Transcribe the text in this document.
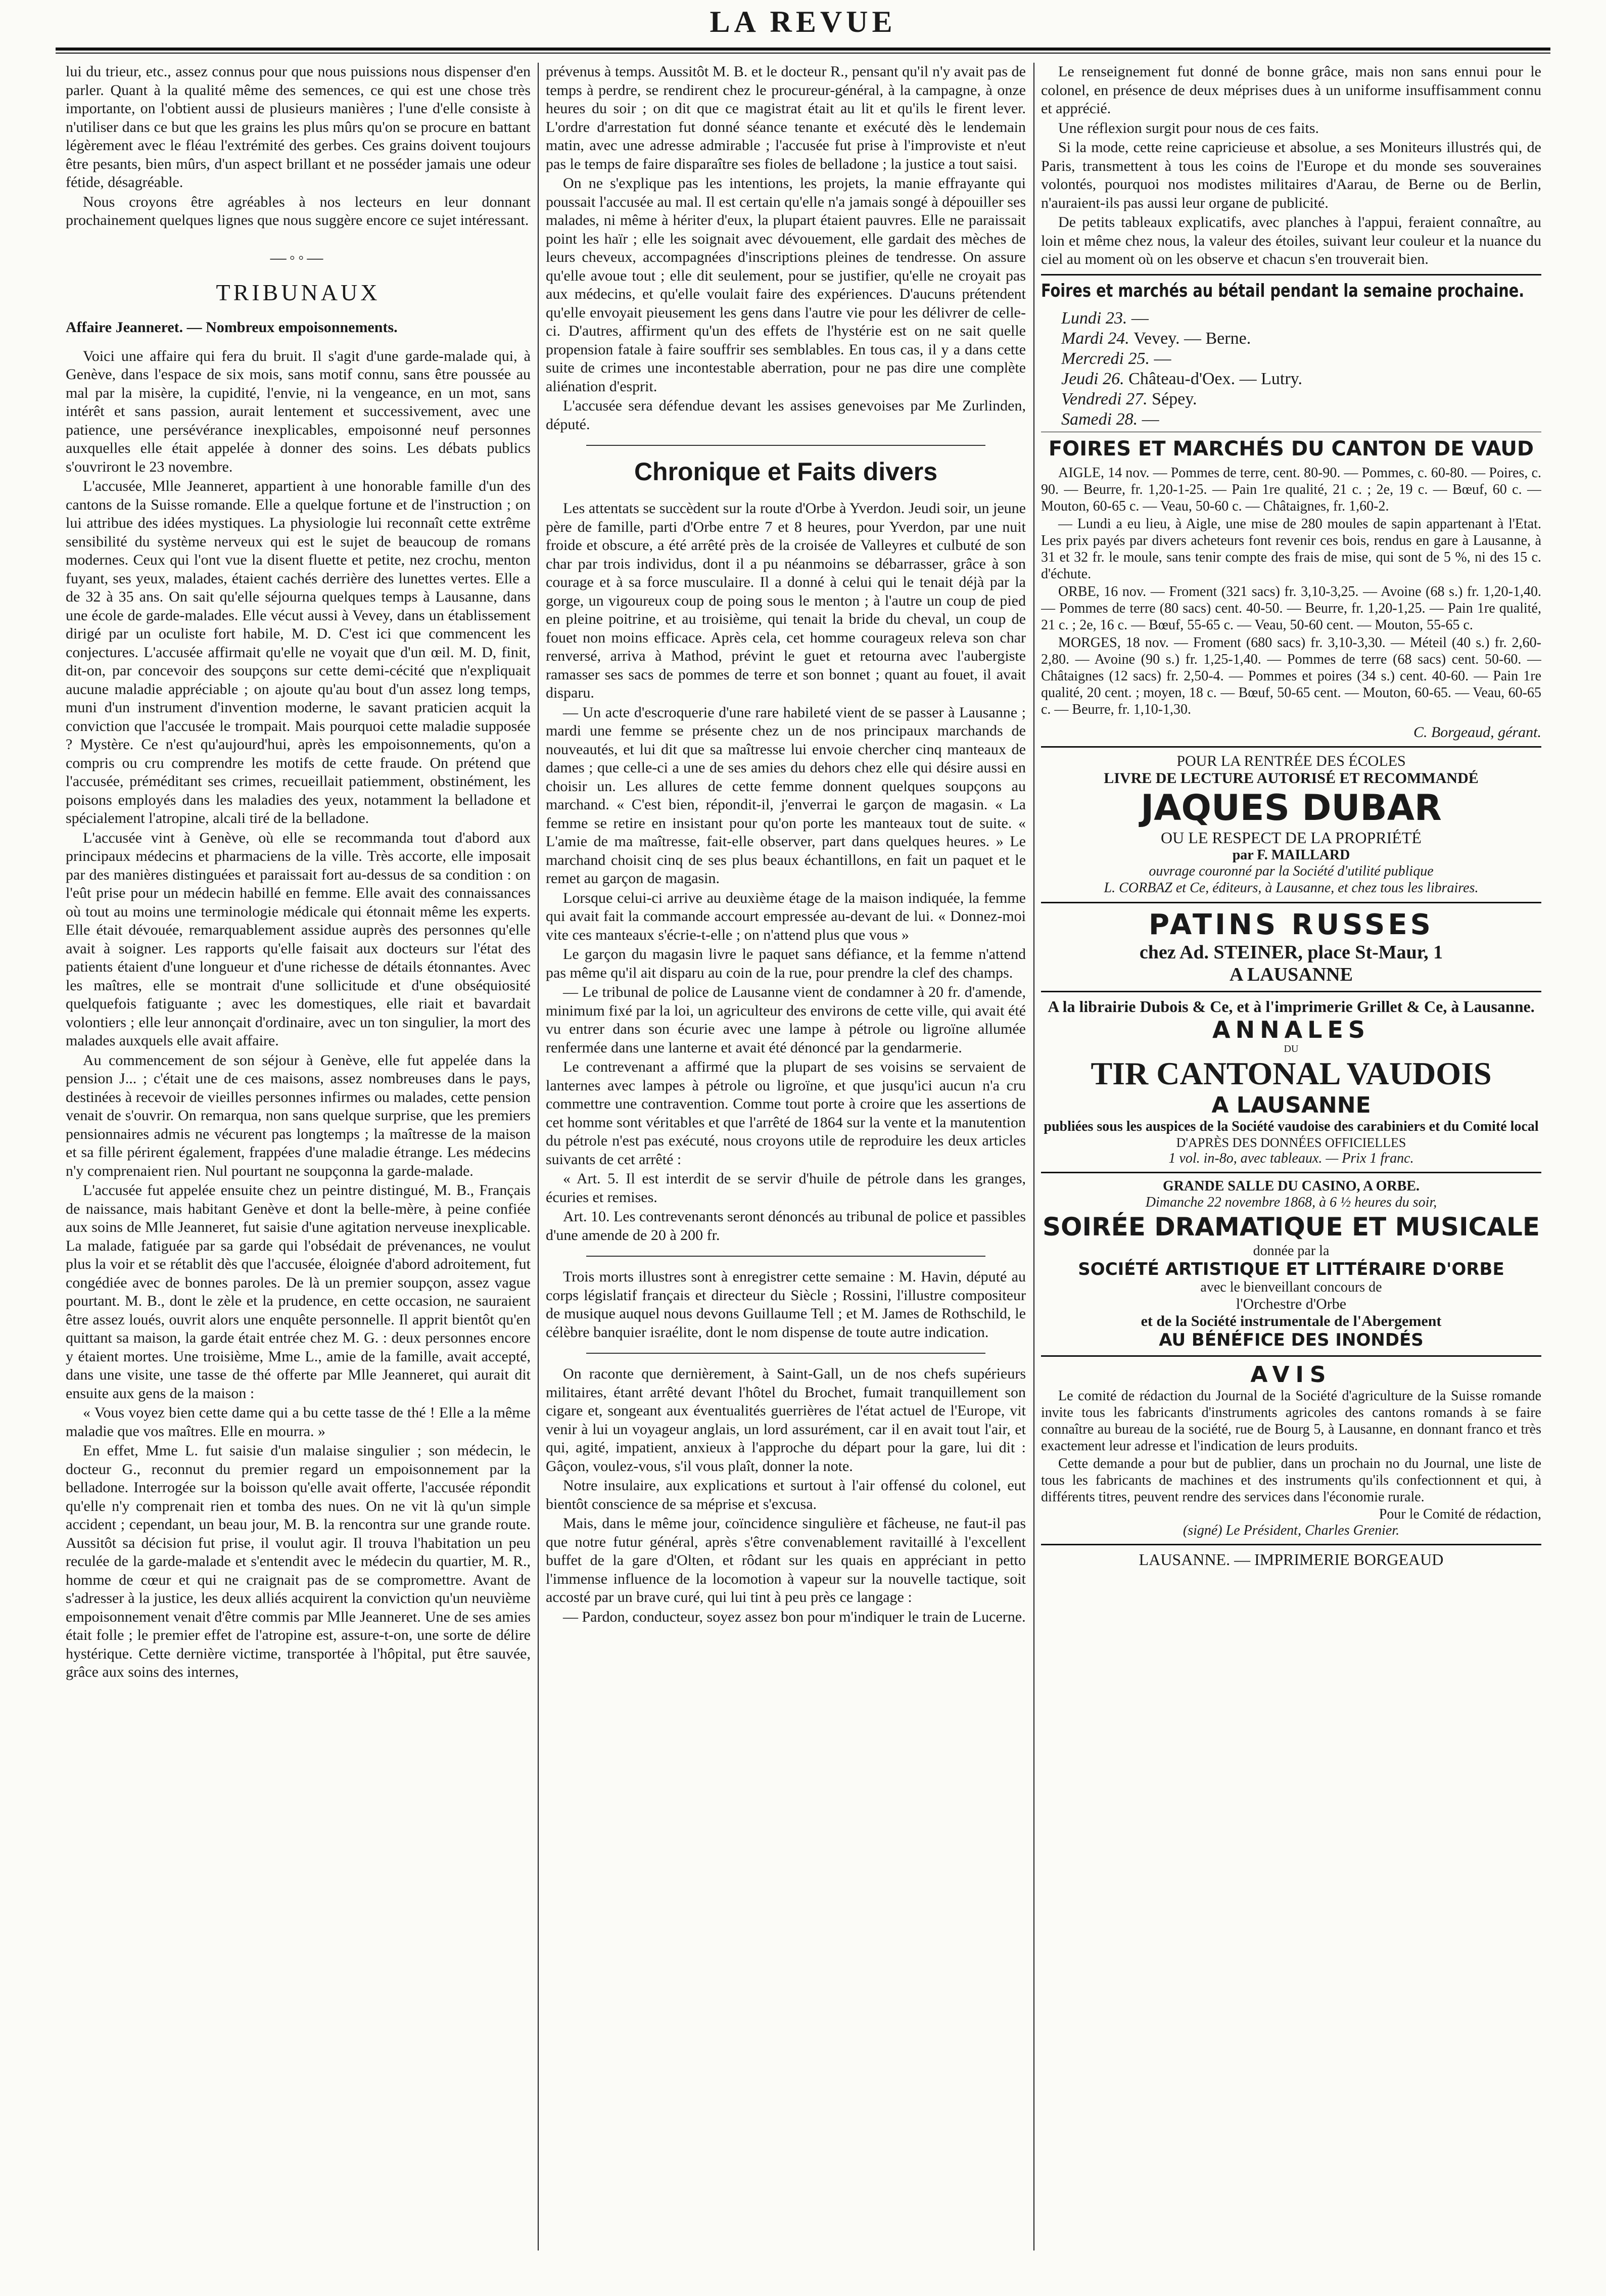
LA REVUE

lui du trieur, etc., assez connus pour que nous puissions nous dispenser d'en parler. Quant à la qualité même des semences, ce qui est une chose très importante, on l'obtient aussi de plusieurs manières ; l'une d'elle consiste à n'utiliser dans ce but que les grains les plus mûrs qu'on se procure en battant légèrement avec le fléau l'extrémité des gerbes. Ces grains doivent toujours être pesants, bien mûrs, d'un aspect brillant et ne posséder jamais une odeur fétide, désagréable.

Nous croyons être agréables à nos lecteurs en leur donnant prochainement quelques lignes que nous suggère encore ce sujet intéressant.

—◦◦—
TRIBUNAUX
Affaire Jeanneret. — Nombreux empoisonnements.

Voici une affaire qui fera du bruit. Il s'agit d'une garde-malade qui, à Genève, dans l'espace de six mois, sans motif connu, sans être poussée au mal par la misère, la cupidité, l'envie, ni la vengeance, en un mot, sans intérêt et sans passion, aurait lentement et successivement, avec une patience, une persévérance inexplicables, empoisonné neuf personnes auxquelles elle était appelée à donner des soins. Les débats publics s'ouvriront le 23 novembre.

L'accusée, Mlle Jeanneret, appartient à une honorable famille d'un des cantons de la Suisse romande. Elle a quelque fortune et de l'instruction ; on lui attribue des idées mystiques. La physiologie lui reconnaît cette extrême sensibilité du système nerveux qui est le sujet de beaucoup de romans modernes. Ceux qui l'ont vue la disent fluette et petite, nez crochu, menton fuyant, ses yeux, malades, étaient cachés derrière des lunettes vertes. Elle a de 32 à 35 ans. On sait qu'elle séjourna quelques temps à Lausanne, dans une école de garde-malades. Elle vécut aussi à Vevey, dans un établissement dirigé par un oculiste fort habile, M. D. C'est ici que commencent les conjectures. L'accusée affirmait qu'elle ne voyait que d'un œil. M. D, finit, dit-on, par concevoir des soupçons sur cette demi-cécité que n'expliquait aucune maladie appréciable ; on ajoute qu'au bout d'un assez long temps, muni d'un instrument d'invention moderne, le savant praticien acquit la conviction que l'accusée le trompait. Mais pourquoi cette maladie supposée ? Mystère. Ce n'est qu'aujourd'hui, après les empoisonnements, qu'on a compris ou cru comprendre les motifs de cette fraude. On prétend que l'accusée, préméditant ses crimes, recueillait patiemment, obstinément, les poisons employés dans les maladies des yeux, notamment la belladone et spécialement l'atropine, alcali tiré de la belladone.

L'accusée vint à Genève, où elle se recommanda tout d'abord aux principaux médecins et pharmaciens de la ville. Très accorte, elle imposait par des manières distinguées et paraissait fort au-dessus de sa condition : on l'eût prise pour un médecin habillé en femme. Elle avait des connaissances où tout au moins une terminologie médicale qui étonnait même les experts. Elle était dévouée, remarquablement assidue auprès des personnes qu'elle avait à soigner. Les rapports qu'elle faisait aux docteurs sur l'état des patients étaient d'une longueur et d'une richesse de détails étonnantes. Avec les maîtres, elle se montrait d'une sollicitude et d'une obséquiosité quelquefois fatiguante ; avec les domestiques, elle riait et bavardait volontiers ; elle leur annonçait d'ordinaire, avec un ton singulier, la mort des malades auxquels elle avait affaire.

Au commencement de son séjour à Genève, elle fut appelée dans la pension J... ; c'était une de ces maisons, assez nombreuses dans le pays, destinées à recevoir de vieilles personnes infirmes ou malades, cette pension venait de s'ouvrir. On remarqua, non sans quelque surprise, que les premiers pensionnaires admis ne vécurent pas longtemps ; la maîtresse de la maison et sa fille périrent également, frappées d'une maladie étrange. Les médecins n'y comprenaient rien. Nul pourtant ne soupçonna la garde-malade.

L'accusée fut appelée ensuite chez un peintre distingué, M. B., Français de naissance, mais habitant Genève et dont la belle-mère, à peine confiée aux soins de Mlle Jeanneret, fut saisie d'une agitation nerveuse inexplicable. La malade, fatiguée par sa garde qui l'obsédait de prévenances, ne voulut plus la voir et se rétablit dès que l'accusée, éloignée d'abord adroitement, fut congédiée avec de bonnes paroles. De là un premier soupçon, assez vague pourtant. M. B., dont le zèle et la prudence, en cette occasion, ne sauraient être assez loués, ouvrit alors une enquête personnelle. Il apprit bientôt qu'en quittant sa maison, la garde était entrée chez M. G. : deux personnes encore y étaient mortes. Une troisième, Mme L., amie de la famille, avait accepté, dans une visite, une tasse de thé offerte par Mlle Jeanneret, qui aurait dit ensuite aux gens de la maison :

« Vous voyez bien cette dame qui a bu cette tasse de thé ! Elle a la même maladie que vos maîtres. Elle en mourra. »

En effet, Mme L. fut saisie d'un malaise singulier ; son médecin, le docteur G., reconnut du premier regard un empoisonnement par la belladone. Interrogée sur la boisson qu'elle avait offerte, l'accusée répondit qu'elle n'y comprenait rien et tomba des nues. On ne vit là qu'un simple accident ; cependant, un beau jour, M. B. la rencontra sur une grande route. Aussitôt sa décision fut prise, il voulut agir. Il trouva l'habitation un peu reculée de la garde-malade et s'entendit avec le médecin du quartier, M. R., homme de cœur et qui ne craignait pas de se compromettre. Avant de s'adresser à la justice, les deux alliés acquirent la conviction qu'un neuvième empoisonnement venait d'être commis par Mlle Jeanneret. Une de ses amies était folle ; le premier effet de l'atropine est, assure-t-on, une sorte de délire hystérique. Cette dernière victime, transportée à l'hôpital, put être sauvée, grâce aux soins des internes,

prévenus à temps. Aussitôt M. B. et le docteur R., pensant qu'il n'y avait pas de temps à perdre, se rendirent chez le procureur-général, à la campagne, à onze heures du soir ; on dit que ce magistrat était au lit et qu'ils le firent lever. L'ordre d'arrestation fut donné séance tenante et exécuté dès le lendemain matin, avec une adresse admirable ; l'accusée fut prise à l'improviste et n'eut pas le temps de faire disparaître ses fioles de belladone ; la justice a tout saisi.

On ne s'explique pas les intentions, les projets, la manie effrayante qui poussait l'accusée au mal. Il est certain qu'elle n'a jamais songé à dépouiller ses malades, ni même à hériter d'eux, la plupart étaient pauvres. Elle ne paraissait point les haïr ; elle les soignait avec dévouement, elle gardait des mèches de leurs cheveux, accompagnées d'inscriptions pleines de tendresse. On assure qu'elle avoue tout ; elle dit seulement, pour se justifier, qu'elle ne croyait pas aux médecins, et qu'elle voulait faire des expériences. D'aucuns prétendent qu'elle envoyait pieusement les gens dans l'autre vie pour les délivrer de celle-ci. D'autres, affirment qu'un des effets de l'hystérie est on ne sait quelle propension fatale à faire souffrir ses semblables. En tous cas, il y a dans cette suite de crimes une incontestable aberration, pour ne pas dire une complète aliénation d'esprit.

L'accusée sera défendue devant les assises genevoises par Me Zurlinden, député.

Chronique et Faits divers

Les attentats se succèdent sur la route d'Orbe à Yverdon. Jeudi soir, un jeune père de famille, parti d'Orbe entre 7 et 8 heures, pour Yverdon, par une nuit froide et obscure, a été arrêté près de la croisée de Valleyres et culbuté de son char par trois individus, dont il a pu néanmoins se débarrasser, grâce à son courage et à sa force musculaire. Il a donné à celui qui le tenait déjà par la gorge, un vigoureux coup de poing sous le menton ; à l'autre un coup de pied en pleine poitrine, et au troisième, qui tenait la bride du cheval, un coup de fouet non moins efficace. Après cela, cet homme courageux releva son char renversé, arriva à Mathod, prévint le guet et retourna avec l'aubergiste ramasser ses sacs de pommes de terre et son bonnet ; quant au fouet, il avait disparu.

— Un acte d'escroquerie d'une rare habileté vient de se passer à Lausanne ; mardi une femme se présente chez un de nos principaux marchands de nouveautés, et lui dit que sa maîtresse lui envoie chercher cinq manteaux de dames ; que celle-ci a une de ses amies du dehors chez elle qui désire aussi en choisir un. Les allures de cette femme donnent quelques soupçons au marchand. « C'est bien, répondit-il, j'enverrai le garçon de magasin. « La femme se retire en insistant pour qu'on porte les manteaux tout de suite. « L'amie de ma maîtresse, fait-elle observer, part dans quelques heures. » Le marchand choisit cinq de ses plus beaux échantillons, en fait un paquet et le remet au garçon de magasin.

Lorsque celui-ci arrive au deuxième étage de la maison indiquée, la femme qui avait fait la commande accourt empressée au-devant de lui. « Donnez-moi vite ces manteaux s'écrie-t-elle ; on n'attend plus que vous »

Le garçon du magasin livre le paquet sans défiance, et la femme n'attend pas même qu'il ait disparu au coin de la rue, pour prendre la clef des champs.

— Le tribunal de police de Lausanne vient de condamner à 20 fr. d'amende, minimum fixé par la loi, un agriculteur des environs de cette ville, qui avait été vu entrer dans son écurie avec une lampe à pétrole ou ligroïne allumée renfermée dans une lanterne et avait été dénoncé par la gendarmerie.

Le contrevenant a affirmé que la plupart de ses voisins se servaient de lanternes avec lampes à pétrole ou ligroïne, et que jusqu'ici aucun n'a cru commettre une contravention. Comme tout porte à croire que les assertions de cet homme sont véritables et que l'arrêté de 1864 sur la vente et la manutention du pétrole n'est pas exécuté, nous croyons utile de reproduire les deux articles suivants de cet arrêté :

« Art. 5. Il est interdit de se servir d'huile de pétrole dans les granges, écuries et remises.

Art. 10. Les contrevenants seront dénoncés au tribunal de police et passibles d'une amende de 20 à 200 fr.

Trois morts illustres sont à enregistrer cette semaine : M. Havin, député au corps législatif français et directeur du Siècle ; Rossini, l'illustre compositeur de musique auquel nous devons Guillaume Tell ; et M. James de Rothschild, le célèbre banquier israélite, dont le nom dispense de toute autre indication.

On raconte que dernièrement, à Saint-Gall, un de nos chefs supérieurs militaires, étant arrêté devant l'hôtel du Brochet, fumait tranquillement son cigare et, songeant aux éventualités guerrières de l'état actuel de l'Europe, vit venir à lui un voyageur anglais, un lord assurément, car il en avait tout l'air, et qui, agité, impatient, anxieux à l'approche du départ pour la gare, lui dit : Gâçon, voulez-vous, s'il vous plaît, donner la note.

Notre insulaire, aux explications et surtout à l'air offensé du colonel, eut bientôt conscience de sa méprise et s'excusa.

Mais, dans le même jour, coïncidence singulière et fâcheuse, ne faut-il pas que notre futur général, après s'être convenablement ravitaillé à l'excellent buffet de la gare d'Olten, et rôdant sur les quais en appréciant in petto l'immense influence de la locomotion à vapeur sur la nouvelle tactique, soit accosté par un brave curé, qui lui tint à peu près ce langage :

— Pardon, conducteur, soyez assez bon pour m'indiquer le train de Lucerne.

Le renseignement fut donné de bonne grâce, mais non sans ennui pour le colonel, en présence de deux méprises dues à un uniforme insuffisamment connu et apprécié.

Une réflexion surgit pour nous de ces faits.

Si la mode, cette reine capricieuse et absolue, a ses Moniteurs illustrés qui, de Paris, transmettent à tous les coins de l'Europe et du monde ses souveraines volontés, pourquoi nos modistes militaires d'Aarau, de Berne ou de Berlin, n'auraient-ils pas aussi leur organe de publicité.

De petits tableaux explicatifs, avec planches à l'appui, feraient connaître, au loin et même chez nous, la valeur des étoiles, suivant leur couleur et la nuance du ciel au moment où on les observe et chacun s'en trouverait bien.

Foires et marchés au bétail pendant la semaine prochaine.
Lundi 23. —
Mardi 24. Vevey. — Berne.
Mercredi 25. —
Jeudi 26. Château-d'Oex. — Lutry.
Vendredi 27. Sépey.
Samedi 28. —
FOIRES ET MARCHÉS DU CANTON DE VAUD

AIGLE, 14 nov. — Pommes de terre, cent. 80-90. — Pommes, c. 60-80. — Poires, c. 90. — Beurre, fr. 1,20-1-25. — Pain 1re qualité, 21 c. ; 2e, 19 c. — Bœuf, 60 c. — Mouton, 60-65 c. — Veau, 50-60 c. — Châtaignes, fr. 1,60-2.

— Lundi a eu lieu, à Aigle, une mise de 280 moules de sapin appartenant à l'Etat. Les prix payés par divers acheteurs font revenir ces bois, rendus en gare à Lausanne, à 31 et 32 fr. le moule, sans tenir compte des frais de mise, qui sont de 5 %, ni des 15 c. d'échute.

ORBE, 16 nov. — Froment (321 sacs) fr. 3,10-3,25. — Avoine (68 s.) fr. 1,20-1,40. — Pommes de terre (80 sacs) cent. 40-50. — Beurre, fr. 1,20-1,25. — Pain 1re qualité, 21 c. ; 2e, 16 c. — Bœuf, 55-65 c. — Veau, 50-60 cent. — Mouton, 55-65 c.

MORGES, 18 nov. — Froment (680 sacs) fr. 3,10-3,30. — Méteil (40 s.) fr. 2,60-2,80. — Avoine (90 s.) fr. 1,25-1,40. — Pommes de terre (68 sacs) cent. 50-60. — Châtaignes (12 sacs) fr. 2,50-4. — Pommes et poires (34 s.) cent. 40-60. — Pain 1re qualité, 20 cent. ; moyen, 18 c. — Bœuf, 50-65 cent. — Mouton, 60-65. — Veau, 60-65 c. — Beurre, fr. 1,10-1,30.

C. Borgeaud, gérant.
POUR LA RENTRÉE DES ÉCOLES
LIVRE DE LECTURE AUTORISÉ ET RECOMMANDÉ
JAQUES DUBAR
OU LE RESPECT DE LA PROPRIÉTÉ
par F. MAILLARD
ouvrage couronné par la Société d'utilité publique
L. CORBAZ et Ce, éditeurs, à Lausanne, et chez tous les libraires.
PATINS RUSSES
chez Ad. STEINER, place St-Maur, 1
A LAUSANNE
A la librairie Dubois & Ce, et à l'imprimerie Grillet & Ce, à Lausanne.
ANNALES
DU
TIR CANTONAL VAUDOIS
A LAUSANNE
publiées sous les auspices de la Société vaudoise des carabiniers et du Comité local
D'APRÈS DES DONNÉES OFFICIELLES
1 vol. in-8o, avec tableaux. — Prix 1 franc.
GRANDE SALLE DU CASINO, A ORBE.
Dimanche 22 novembre 1868, à 6 ½ heures du soir,
SOIRÉE DRAMATIQUE ET MUSICALE
donnée par la
SOCIÉTÉ ARTISTIQUE ET LITTÉRAIRE D'ORBE
avec le bienveillant concours de
l'Orchestre d'Orbe
et de la Société instrumentale de l'Abergement
AU BÉNÉFICE DES INONDÉS
AVIS

Le comité de rédaction du Journal de la Société d'agriculture de la Suisse romande invite tous les fabricants d'instruments agricoles des cantons romands à se faire connaître au bureau de la société, rue de Bourg 5, à Lausanne, en donnant franco et très exactement leur adresse et l'indication de leurs produits.

Cette demande a pour but de publier, dans un prochain no du Journal, une liste de tous les fabricants de machines et des instruments qu'ils confectionnent et qui, à différents titres, peuvent rendre des services dans l'économie rurale.

Pour le Comité de rédaction,
(signé) Le Président, Charles Grenier.
LAUSANNE. — IMPRIMERIE BORGEAUD
